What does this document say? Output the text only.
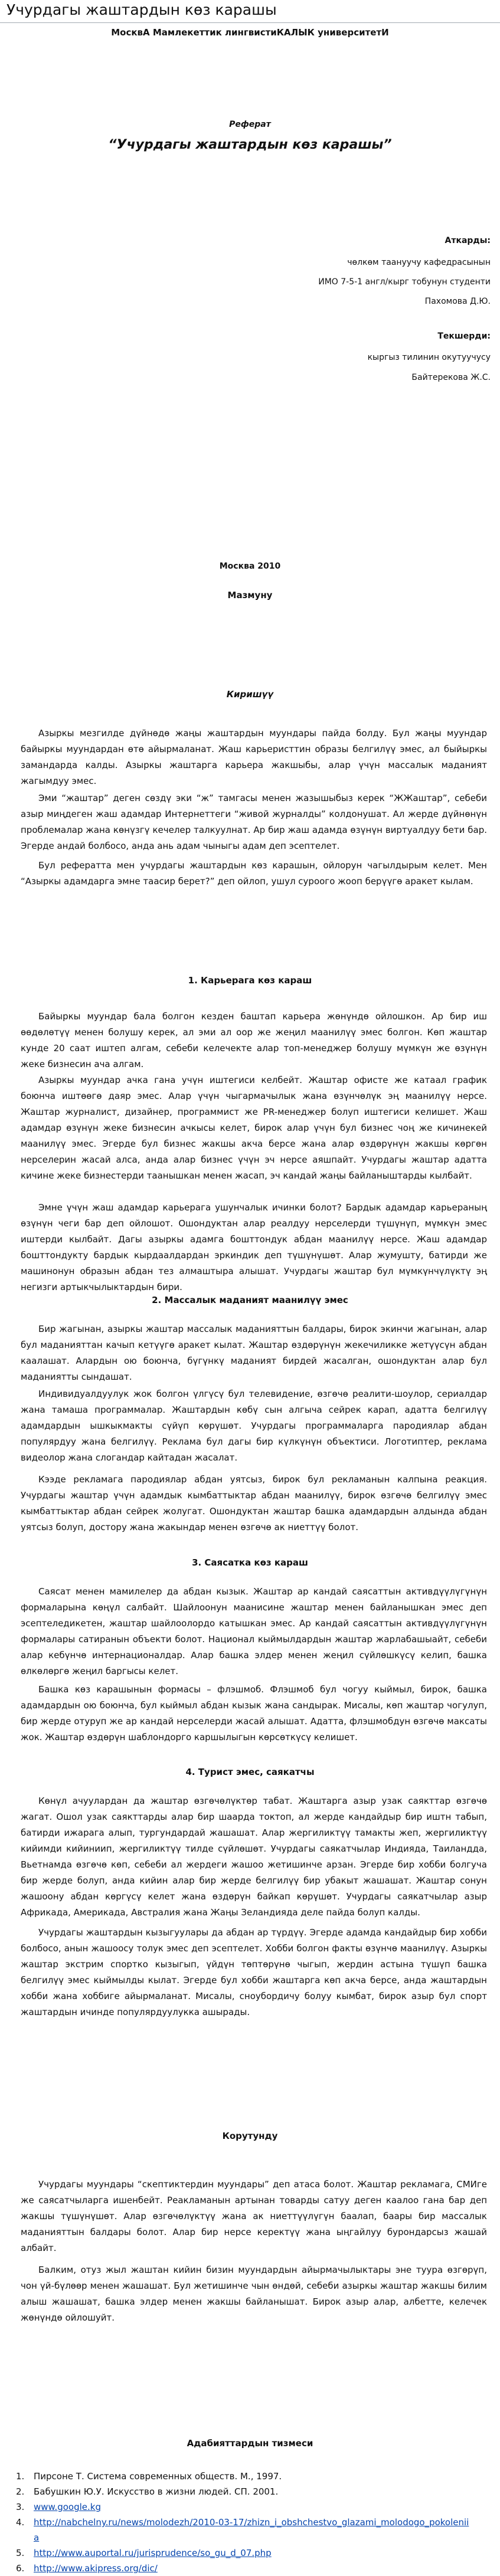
Учурдагы жаштардын көз карашы
МосквА Мамлекеттик лингвистиКАЛЫК университетИ
Реферат
“Учурдагы жаштардын көз карашы”
Аткарды:
чөлкөм таануучу кафедрасынын
ИМО 7-5-1 англ/кырг тобунун студенти
Пахомова Д.Ю.
Текшерди:
кыргыз тилинин окутуучусу
Байтерекова Ж.С.
Москва 2010
Мазмуну
Киришүү

Азыркы мезгилде дүйнөдө жаңы жаштардын муундары пайда болду. Бул жаңы муундар байыркы муундардан өтө айырмаланат. Жаш карьеристтин образы белгилүү эмес, ал быйыркы замандарда калды. Азыркы жаштарга карьера жакшыбы, алар үчүн массалык маданият жагымдуу эмес.

Эми “жаштар” деген сөздү эки “ж” тамгасы менен жазышыбыз керек “ЖЖаштар”, себеби азыр миңдеген жаш адамдар Интернеттеги “живой журналды” колдонушат. Ал жерде дүйнөнүн проблемалар жана көнүзгү кечелер талкуулнат. Ар бир жаш адамда өзүнүн виртуалдуу бети бар. Эгерде андай болбосо, анда ань адам чыныгы адам деп эсептелет.

Бул рефератта мен учурдагы жаштардын көз карашын, ойлорун чагылдырым келет. Мен “Азыркы адамдарга эмне таасир берет?” деп ойлоп, ушул суроого жооп берүүгө аракет кылам.

1. Карьерага көз караш

Байыркы муундар бала болгон кезден баштап карьера жөнүндө ойлошкон. Ар бир иш өөдөлөтүү менен болушу керек, ал эми ал оор же жеңил маанилүү эмес болгон. Көп жаштар кунде 20 саат иштеп алгам, себеби келечекте алар топ-менеджер болушу мүмкүн же өзүнүн жеке бизнесин ача алгам.

Азыркы муундар ачка гана учүн иштегиси келбейт. Жаштар офисте же катаал график боюнча иштөөгө даяр эмес. Алар үчүн чыгармачылык жана өзүнчөлүк эң маанилүү нерсе. Жаштар журналист, дизайнер, программист же PR-менеджер болуп иштегиси келишет. Жаш адамдар өзүнүн жеке бизнесин ачкысы келет, бирок алар үчүн бул бизнес чоң же кичинекей маанилүү эмес. Эгерде бул бизнес жакшы акча берсе жана алар өздөрүнүн жакшы көргөн нерселерин жасай алса, анда алар бизнес үчүн эч нерсе аяшпайт. Учурдагы жаштар адатта кичине жеке бизнестерди таанышкан менен жасап, эч кандай жаңы байланыштарды кылбайт.

Эмне үчүн жаш адамдар карьерага ушунчалык ичинки болот? Бардык адамдар карьераның өзүнүн чеги бар деп ойлошот. Ошондуктан алар реалдуу нерселерди түшүнүп, мүмкүн эмес иштерди кылбайт. Дагы азыркы адамга бошттондук абдан маанилүү нерсе. Жаш адамдар бошттондукту бардык кырдаалдардан эркиндик деп түшүнүшөт. Алар жумушту, батирди же машинонун образын абдан тез алмаштыра алышат. Учурдагы жаштар бул мүмкүнчүлүктү эң негизги артыкчылыктардын бири.

2. Массалык маданият маанилүү эмес

Бир жагынан, азыркы жаштар массалык маданияттын балдары, бирок экинчи жагынан, алар бул маданияттан качып кетүүгө аракет кылат. Жаштар өздөрүнүн жекечиликке жетүүсүн абдан каалашат. Алардын ою боюнча, бүгүнкү маданият бирдей жасалган, ошондуктан алар бул маданиятты сындашат.

Индивидуалдуулук жок болгон үлгүсү бул телевидение, өзгөчө реалити-шоулор, сериалдар жана тамаша программалар. Жаштардын көбү сын алгыча сейрек карап, адатта белгилүү адамдардын ышкыкмакты сүйүп көрүшөт. Учурдагы программаларга пародиялар абдан популярдуу жана белгилүү. Реклама бул дагы бир күлкүнүн объектиси. Логотиптер, реклама видеолор жана слогандар кайтадан жасалат.

Кээде рекламага пародиялар абдан уятсыз, бирок бул рекламанын калпына реакция. Учурдагы жаштар үчүн адамдык кымбаттыктар абдан маанилүү, бирок өзгөчө белгилүү эмес кымбаттыктар абдан сейрек жолугат. Ошондуктан жаштар башка адамдардын алдында абдан уятсыз болуп, достору жана жакындар менен өзгөчө ак ниеттүү болот.

3. Саясатка көз караш

Саясат менен мамилелер да абдан кызык. Жаштар ар кандай саясаттын активдүүлүгүнүн формаларына көңүл салбайт. Шайлоонун маанисине жаштар менен байланышкан эмес деп эсептеледикетен, жаштар шайлоолордо катышкан эмес. Ар кандай саясаттын активдүүлүгүнүн формалары сатиранын объекти болот. Национал кыймылдардын жаштар жарлабашыайт, себеби алар кебүнчө интернационалдар. Алар башка элдер менен жеңил сүйлөшкүсү келип, башка өлкөлөргө жеңил баргысы келет.

Башка көз карашынын формасы – флэшмоб. Флэшмоб бул чогуу кыймыл, бирок, башка адамдардын ою боюнча, бул кыймыл абдан кызык жана сандырак. Мисалы, көп жаштар чогулуп, бир жерде отуруп же ар кандай нерселерди жасай алышат. Адатта, флэшмобдун өзгөчө максаты жок. Жаштар өздөрүн шаблондорго каршылыгын көрсөткүсү келишет.

4. Турист эмес, саякатчы

Көнүл ачуулардан да жаштар өзгөчөлүктөр табат. Жаштарга азыр узак саякттар өзгөчө жагат. Ошол узак саякттарды алар бир шаарда токтоп, ал жерде кандайдыр бир иштн табып, батирди ижарага алып, тургундардай жашашат. Алар жергиликтүү тамакты жеп, жергиликтүү кийимди кийиниип, жергиликтүү тилде сүйлөшөт. Учурдагы саякатчылар Индияда, Таиландда, Вьетнамда өзгөчө көп, себеби ал жердеги жашоо жетишинче арзан. Эгерде бир хобби болгуча бир жерде болуп, анда кийин алар бир жерде белгилүү бир убакыт жашашат. Жаштар сонун жашоону абдан көргүсү келет жана өздөрүн байкап көрүшөт. Учурдагы саякатчылар азыр Африкада, Америкада, Австралия жана Жаңы Зеландияда деле пайда болуп калды.

Учурдагы жаштардын кызыгуулары да абдан ар түрдүү. Эгерде адамда кандайдыр бир хобби болбосо, анын жашоосу толук эмес деп эсептелет. Хобби болгон факты өзүнчө маанилүү. Азыркы жаштар экстрим спортко кызыгып, үйдүн төптөрүнө чыгып, жердин астына түшүп башка белгилүү эмес кыймылды кылат. Эгерде бул хобби жаштарга көп акча берсе, анда жаштардын хобби жана хоббиге айырмаланат. Мисалы, сноубордичу болуу кымбат, бирок азыр бул спорт жаштардын ичинде популярдуулукка ашырады.

Корутунду

Учурдагы муундары “скептиктердин муундары” деп атаса болот. Жаштар рекламага, СМИге же саясатчыларга ишенбейт. Реакламанын артынан товарды сатуу деген каалоо гана бар деп жакшы түшүнүшөт. Алар өзгөчөлүктүү жана ак ниеттүүлүгүн баалап, баары бир массалык маданияттын балдары болот. Алар бир нерсе керектүү жана ыңгайлуу бурондарсыз жашай албайт.

Балким, отуз жыл жаштан кийин бизин муундардын айырмачылыктары эне туура өзгөрүп, чон үй-бүлөөр менен жашашат. Бул жетишинче чын өндөй, себеби азыркы жаштар жакшы билим алыш жашашат, башка элдер менен жакшы байланышат. Бирок азыр алар, албетте, келечек жөнүндө ойлошуйт.

Адабияттардын тизмеси
1. Пирсоне Т. Система современных обществ. М., 1997.
2. Бабушкин Ю.У. Искусство в жизни людей. СП. 2001.
3. www.google.kg
4. http://nabchelny.ru/news/molodezh/2010-03-17/zhizn_i_obshchestvo_glazami_molodogo_pokoleniia
5. http://www.auportal.ru/jurisprudence/so_gu_d_07.php
6. http://www.akipress.org/dic/
